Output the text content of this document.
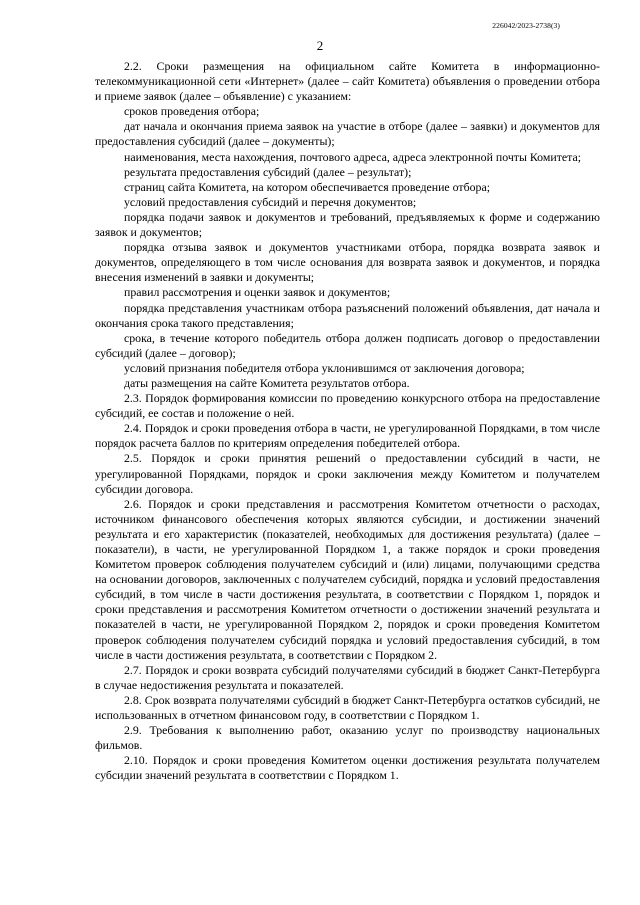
226042/2023-2738(3)
2

2.2. Сроки размещения на официальном сайте Комитета в информационно-телекоммуникационной сети «Интернет» (далее – сайт Комитета) объявления о проведении отбора и приеме заявок (далее – объявление) с указанием:

сроков проведения отбора;

дат начала и окончания приема заявок на участие в отборе (далее – заявки) и документов для предоставления субсидий (далее – документы);

наименования, места нахождения, почтового адреса, адреса электронной почты Комитета;

результата предоставления субсидий (далее – результат);

страниц сайта Комитета, на котором обеспечивается проведение отбора;

условий предоставления субсидий и перечня документов;

порядка подачи заявок и документов и требований, предъявляемых к форме и содержанию заявок и документов;

порядка отзыва заявок и документов участниками отбора, порядка возврата заявок и документов, определяющего в том числе основания для возврата заявок и документов, и порядка внесения изменений в заявки и документы;

правил рассмотрения и оценки заявок и документов;

порядка представления участникам отбора разъяснений положений объявления, дат начала и окончания срока такого представления;

срока, в течение которого победитель отбора должен подписать договор о предоставлении субсидий (далее – договор);

условий признания победителя отбора уклонившимся от заключения договора;

даты размещения на сайте Комитета результатов отбора.

2.3. Порядок формирования комиссии по проведению конкурсного отбора на предоставление субсидий, ее состав и положение о ней.

2.4. Порядок и сроки проведения отбора в части, не урегулированной Порядками, в том числе порядок расчета баллов по критериям определения победителей отбора.

2.5. Порядок и сроки принятия решений о предоставлении субсидий в части, не урегулированной Порядками, порядок и сроки заключения между Комитетом и получателем субсидии договора.

2.6. Порядок и сроки представления и рассмотрения Комитетом отчетности о расходах, источником финансового обеспечения которых являются субсидии, и достижении значений результата и его характеристик (показателей, необходимых для достижения результата) (далее – показатели), в части, не урегулированной Порядком 1, а также порядок и сроки проведения Комитетом проверок соблюдения получателем субсидий и (или) лицами, получающими средства на основании договоров, заключенных с получателем субсидий, порядка и условий предоставления субсидий, в том числе в части достижения результата, в соответствии с Порядком 1, порядок и сроки представления и рассмотрения Комитетом отчетности о достижении значений результата и показателей в части, не урегулированной Порядком 2, порядок и сроки проведения Комитетом проверок соблюдения получателем субсидий порядка и условий предоставления субсидий, в том числе в части достижения результата, в соответствии с Порядком 2.

2.7. Порядок и сроки возврата субсидий получателями субсидий в бюджет Санкт-Петербурга в случае недостижения результата и показателей.

2.8. Срок возврата получателями субсидий в бюджет Санкт-Петербурга остатков субсидий, не использованных в отчетном финансовом году, в соответствии с Порядком 1.

2.9. Требования к выполнению работ, оказанию услуг по производству национальных фильмов.

2.10. Порядок и сроки проведения Комитетом оценки достижения результата получателем субсидии значений результата в соответствии с Порядком 1.
